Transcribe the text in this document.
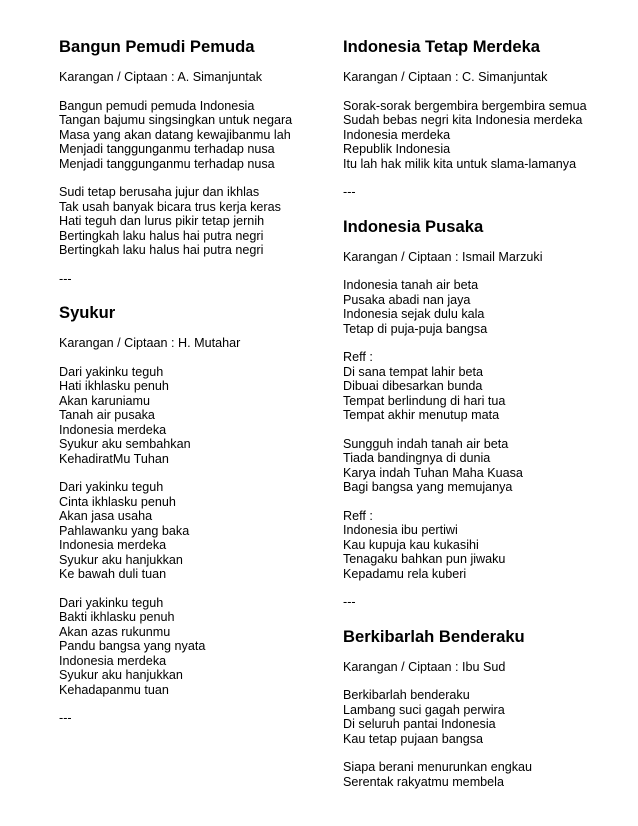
Bangun Pemudi Pemuda

Karangan / Ciptaan : A. Simanjuntak

Bangun pemudi pemuda Indonesia

Tangan bajumu singsingkan untuk negara

Masa yang akan datang kewajibanmu lah

Menjadi tanggunganmu terhadap nusa

Menjadi tanggunganmu terhadap nusa

Sudi tetap berusaha jujur dan ikhlas

Tak usah banyak bicara trus kerja keras

Hati teguh dan lurus pikir tetap jernih

Bertingkah laku halus hai putra negri

Bertingkah laku halus hai putra negri

---

Syukur

Karangan / Ciptaan : H. Mutahar

Dari yakinku teguh

Hati ikhlasku penuh

Akan karuniamu

Tanah air pusaka

Indonesia merdeka

Syukur aku sembahkan

KehadiratMu Tuhan

Dari yakinku teguh

Cinta ikhlasku penuh

Akan jasa usaha

Pahlawanku yang baka

Indonesia merdeka

Syukur aku hanjukkan

Ke bawah duli tuan

Dari yakinku teguh

Bakti ikhlasku penuh

Akan azas rukunmu

Pandu bangsa yang nyata

Indonesia merdeka

Syukur aku hanjukkan

Kehadapanmu tuan

---

Indonesia Tetap Merdeka

Karangan / Ciptaan : C. Simanjuntak

Sorak-sorak bergembira bergembira semua

Sudah bebas negri kita Indonesia merdeka

Indonesia merdeka

Republik Indonesia

Itu lah hak milik kita untuk slama-lamanya

---

Indonesia Pusaka

Karangan / Ciptaan : Ismail Marzuki

Indonesia tanah air beta

Pusaka abadi nan jaya

Indonesia sejak dulu kala

Tetap di puja-puja bangsa

Reff :

Di sana tempat lahir beta

Dibuai dibesarkan bunda

Tempat berlindung di hari tua

Tempat akhir menutup mata

Sungguh indah tanah air beta

Tiada bandingnya di dunia

Karya indah Tuhan Maha Kuasa

Bagi bangsa yang memujanya

Reff :

Indonesia ibu pertiwi

Kau kupuja kau kukasihi

Tenagaku bahkan pun jiwaku

Kepadamu rela kuberi

---

Berkibarlah Benderaku

Karangan / Ciptaan : Ibu Sud

Berkibarlah benderaku

Lambang suci gagah perwira

Di seluruh pantai Indonesia

Kau tetap pujaan bangsa

Siapa berani menurunkan engkau

Serentak rakyatmu membela
